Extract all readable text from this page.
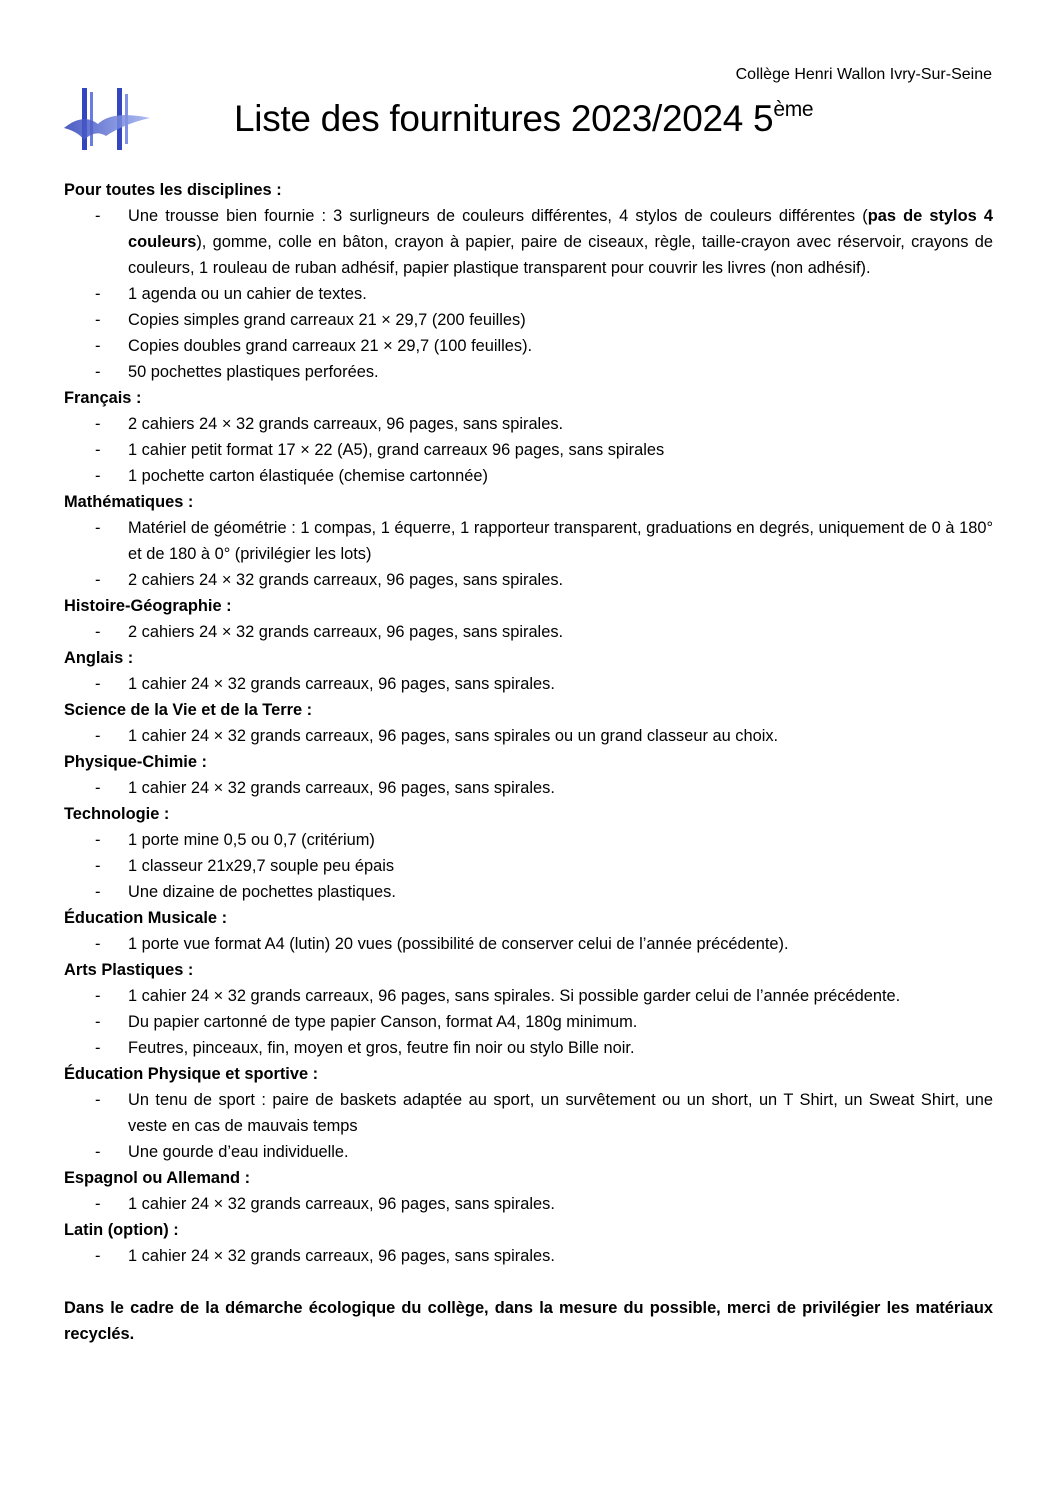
Collège Henri Wallon Ivry-Sur-Seine
Liste des fournitures 2023/2024 5ème
Pour toutes les disciplines :
- Une trousse bien fournie : 3 surligneurs de couleurs différentes, 4 stylos de couleurs différentes (pas de stylos 4 couleurs), gomme, colle en bâton, crayon à papier, paire de ciseaux, règle, taille-crayon avec réservoir, crayons de couleurs, 1 rouleau de ruban adhésif, papier plastique transparent pour couvrir les livres (non adhésif).
- 1 agenda ou un cahier de textes.
- Copies simples grand carreaux 21 × 29,7 (200 feuilles)
- Copies doubles grand carreaux 21 × 29,7 (100 feuilles).
- 50 pochettes plastiques perforées.
Français :
- 2 cahiers 24 × 32 grands carreaux, 96 pages, sans spirales.
- 1 cahier petit format 17 × 22 (A5), grand carreaux 96 pages, sans spirales
- 1 pochette carton élastiquée (chemise cartonnée)
Mathématiques :
- Matériel de géométrie : 1 compas, 1 équerre, 1 rapporteur transparent, graduations en degrés, uniquement de 0 à 180° et de 180 à 0° (privilégier les lots)
- 2 cahiers 24 × 32 grands carreaux, 96 pages, sans spirales.
Histoire-Géographie :
- 2 cahiers 24 × 32 grands carreaux, 96 pages, sans spirales.
Anglais :
- 1 cahier 24 × 32 grands carreaux, 96 pages, sans spirales.
Science de la Vie et de la Terre :
- 1 cahier 24 × 32 grands carreaux, 96 pages, sans spirales ou un grand classeur au choix.
Physique-Chimie :
- 1 cahier 24 × 32 grands carreaux, 96 pages, sans spirales.
Technologie :
- 1 porte mine 0,5 ou 0,7 (critérium)
- 1 classeur 21x29,7 souple peu épais
- Une dizaine de pochettes plastiques.
Éducation Musicale :
- 1 porte vue format A4 (lutin) 20 vues (possibilité de conserver celui de l’année précédente).
Arts Plastiques :
- 1 cahier 24 × 32 grands carreaux, 96 pages, sans spirales. Si possible garder celui de l’année précédente.
- Du papier cartonné de type papier Canson, format A4, 180g minimum.
- Feutres, pinceaux, fin, moyen et gros, feutre fin noir ou stylo Bille noir.
Éducation Physique et sportive :
- Un tenu de sport : paire de baskets adaptée au sport, un survêtement ou un short, un T Shirt, un Sweat Shirt, une veste en cas de mauvais temps
- Une gourde d’eau individuelle.
Espagnol ou Allemand :
- 1 cahier 24 × 32 grands carreaux, 96 pages, sans spirales.
Latin (option) :
- 1 cahier 24 × 32 grands carreaux, 96 pages, sans spirales.
Dans le cadre de la démarche écologique du collège, dans la mesure du possible, merci de privilégier les matériaux recyclés.
